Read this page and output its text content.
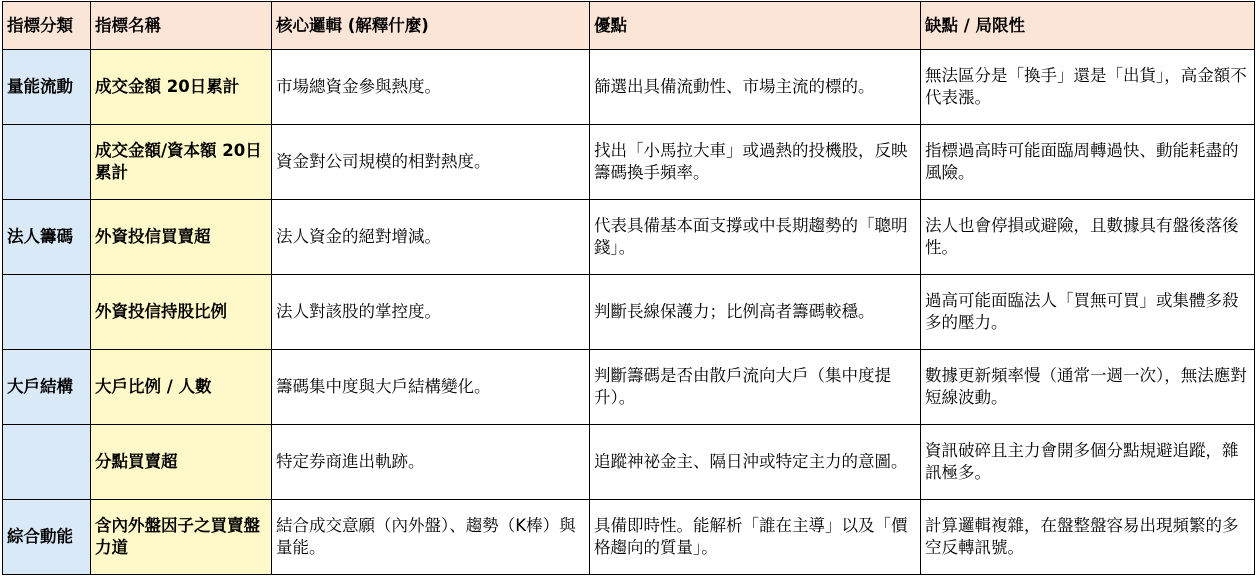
指標分類	指標名稱	核心邏輯 (解釋什麼)	優點	缺點 / 局限性
量能流動	成交金額 20日累計	市場總資金參與熱度。	篩選出具備流動性、市場主流的標的。	無法區分是「換手」還是「出貨」，高金額不代表漲。
	成交金額/資本額 20日累計	資金對公司規模的相對熱度。	找出「小馬拉大車」或過熱的投機股，反映籌碼換手頻率。	指標過高時可能面臨周轉過快、動能耗盡的風險。
法人籌碼	外資投信買賣超	法人資金的絕對增減。	代表具備基本面支撐或中長期趨勢的「聰明錢」。	法人也會停損或避險，且數據具有盤後落後性。
	外資投信持股比例	法人對該股的掌控度。	判斷長線保護力；比例高者籌碼較穩。	過高可能面臨法人「買無可買」或集體多殺多的壓力。
大戶結構	大戶比例 / 人數	籌碼集中度與大戶結構變化。	判斷籌碼是否由散戶流向大戶（集中度提升）。	數據更新頻率慢（通常一週一次），無法應對短線波動。
	分點買賣超	特定券商進出軌跡。	追蹤神祕金主、隔日沖或特定主力的意圖。	資訊破碎且主力會開多個分點規避追蹤，雜訊極多。
綜合動能	含內外盤因子之買賣盤力道	結合成交意願（內外盤）、趨勢（K棒）與量能。	具備即時性。能解析「誰在主導」以及「價格趨向的質量」。	計算邏輯複雜，在盤整盤容易出現頻繁的多空反轉訊號。
